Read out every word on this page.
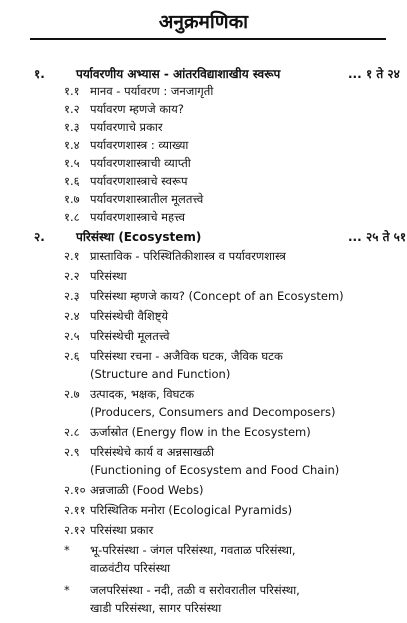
अनुक्रमणिका
१.	पर्यावरणीय अभ्यास - आंतरविद्याशाखीय स्वरूप	... १ ते २४
१.१ मानव - पर्यावरण : जनजागृती
१.२ पर्यावरण म्हणजे काय?
१.३ पर्यावरणाचे प्रकार
१.४ पर्यावरणशास्त्र : व्याख्या
१.५ पर्यावरणशास्त्राची व्याप्ती
१.६ पर्यावरणशास्त्राचे स्वरूप
१.७ पर्यावरणशास्त्रातील मूलतत्त्वे
१.८ पर्यावरणशास्त्राचे महत्त्व
२.	परिसंस्था (Ecosystem)	... २५ ते ५१
२.१ प्रास्ताविक - परिस्थितिकीशास्त्र व पर्यावरणशास्त्र
२.२ परिसंस्था
२.३ परिसंस्था म्हणजे काय? (Concept of an Ecosystem)
२.४ परिसंस्थेची वैशिष्ट्ये
२.५ परिसंस्थेची मूलतत्त्वे
२.६ परिसंस्था रचना - अजैविक घटक, जैविक घटक
(Structure and Function)
२.७ उत्पादक, भक्षक, विघटक
(Producers, Consumers and Decomposers)
२.८ ऊर्जास्रोत (Energy flow in the Ecosystem)
२.९ परिसंस्थेचे कार्य व अन्नसाखळी
(Functioning of Ecosystem and Food Chain)
२.१० अन्नजाळी (Food Webs)
२.११ परिस्थितिक मनोरा (Ecological Pyramids)
२.१२ परिसंस्था प्रकार
* भू-परिसंस्था - जंगल परिसंस्था, गवताळ परिसंस्था,
वाळवंटीय परिसंस्था
* जलपरिसंस्था - नदी, तळी व सरोवरातील परिसंस्था,
खाडी परिसंस्था, सागर परिसंस्था
